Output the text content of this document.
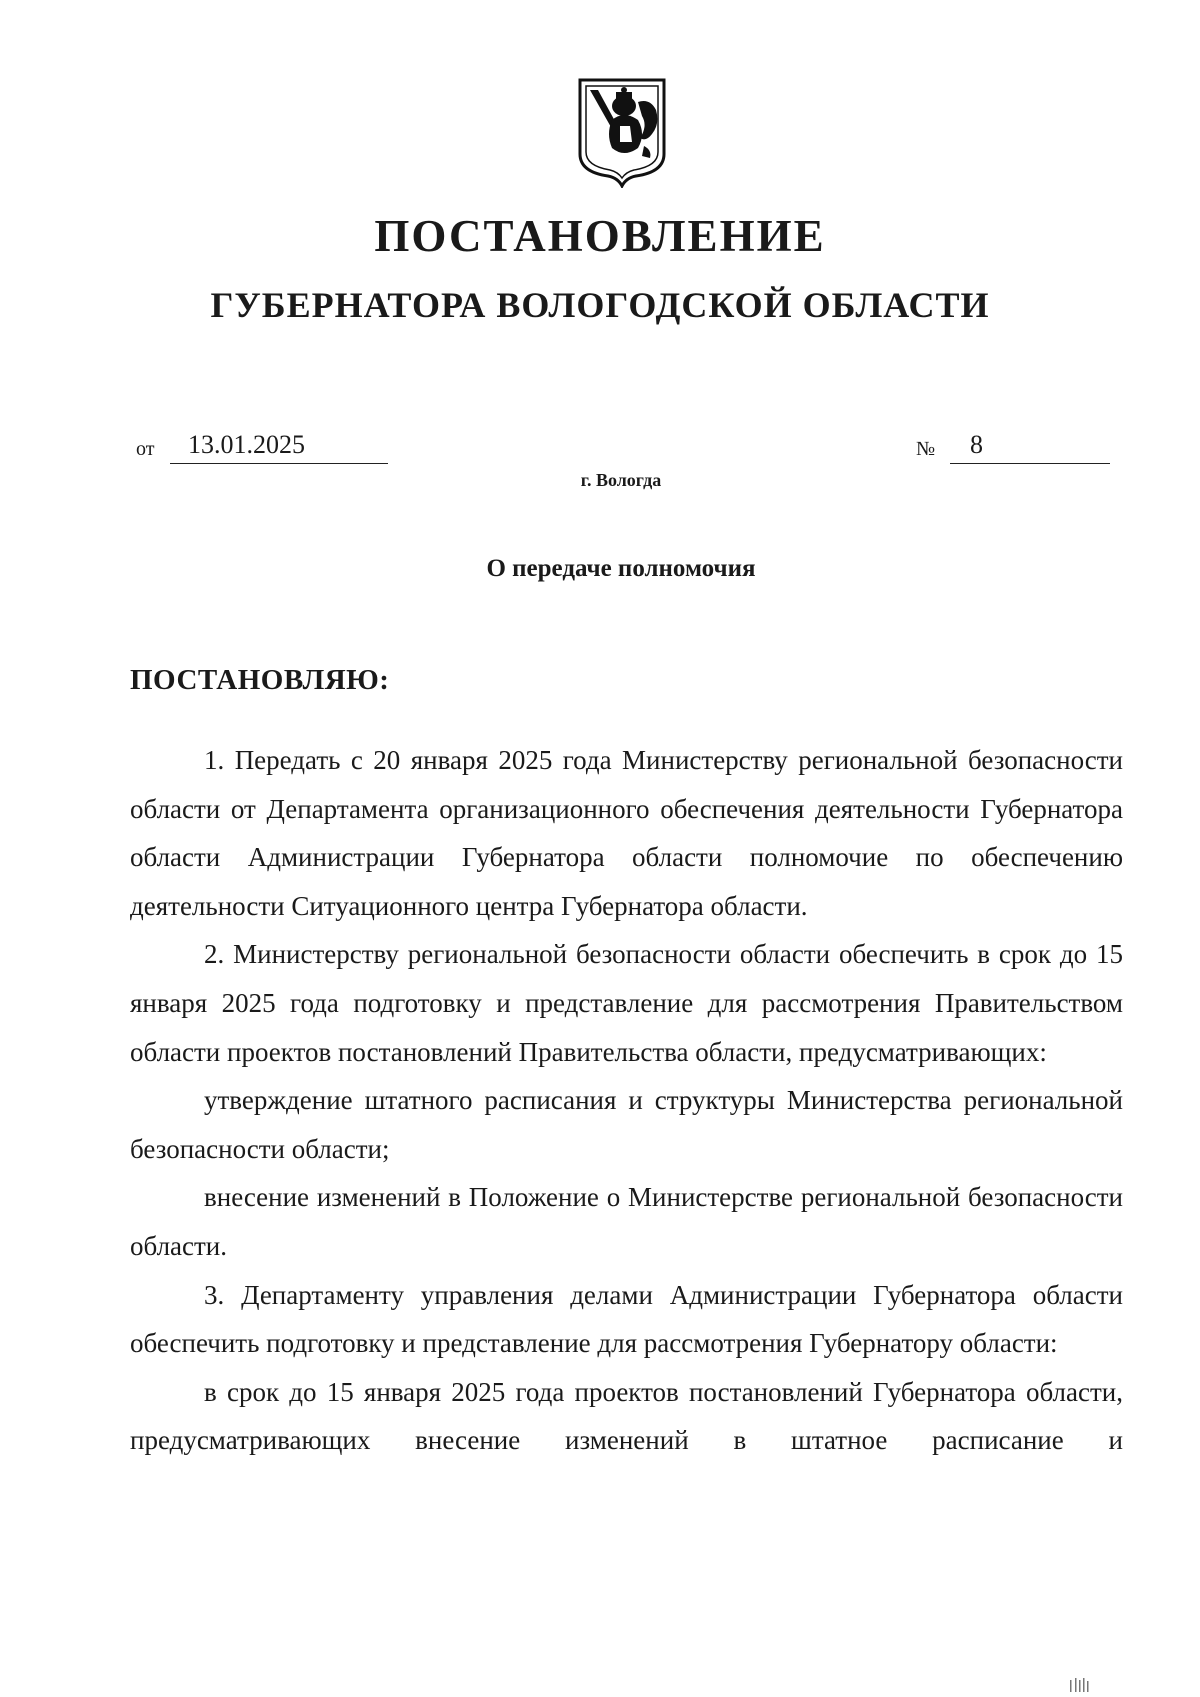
ПОСТАНОВЛЕНИЕ
ГУБЕРНАТОРА ВОЛОГОДСКОЙ ОБЛАСТИ
от	13.01.2025	№	8
г. Вологда
О передаче полномочия
ПОСТАНОВЛЯЮ:

1. Передать с 20 января 2025 года Министерству региональной безопасности области от Департамента организационного обеспечения деятельности Губернатора области Администрации Губернатора области полномочие по обеспечению деятельности Ситуационного центра Губернатора области.

2. Министерству региональной безопасности области обеспечить в срок до 15 января 2025 года подготовку и представление для рассмотрения Правительством области проектов постановлений Правительства области, предусматривающих:

утверждение штатного расписания и структуры Министерства региональной безопасности области;

внесение изменений в Положение о Министерстве региональной безопасности области.

3. Департаменту управления делами Администрации Губернатора области обеспечить подготовку и представление для рассмотрения Губернатору области:

в срок до 15 января 2025 года проектов постановлений Губернатора области, предусматривающих внесение изменений в штатное расписание и
